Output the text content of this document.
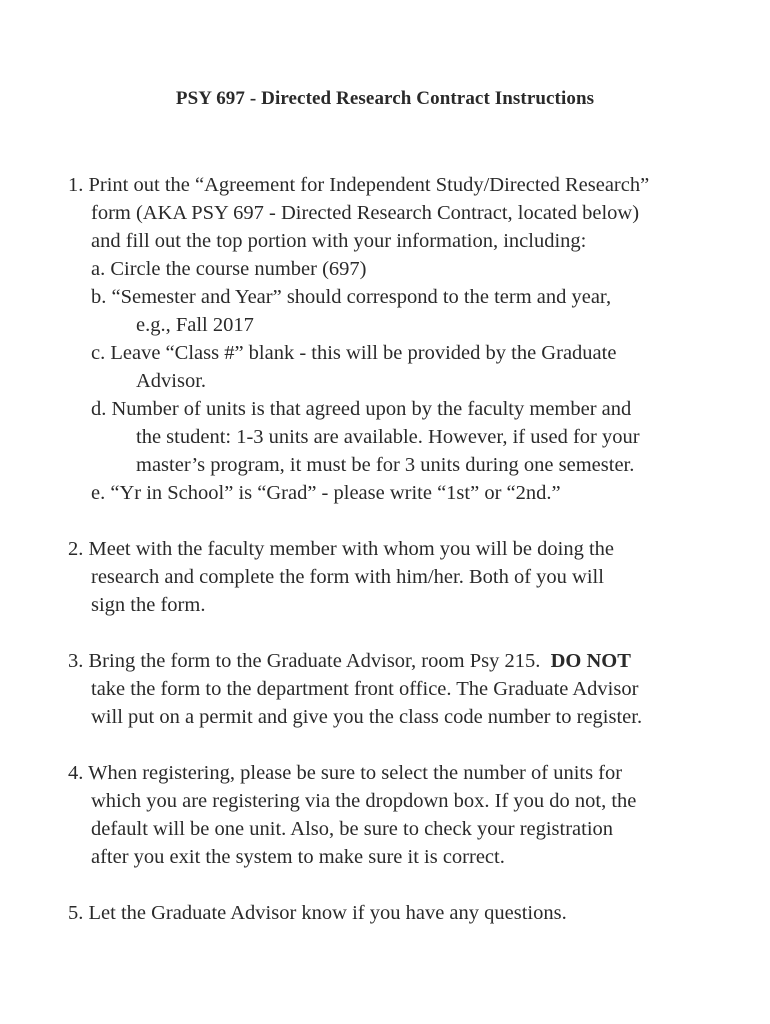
PSY 697 - Directed Research Contract Instructions
1. Print out the “Agreement for Independent Study/Directed Research”
form (AKA PSY 697 - Directed Research Contract, located below)
and fill out the top portion with your information, including:
a. Circle the course number (697)
b. “Semester and Year” should correspond to the term and year,
e.g., Fall 2017
c. Leave “Class #” blank - this will be provided by the Graduate
Advisor.
d. Number of units is that agreed upon by the faculty member and
the student: 1-3 units are available. However, if used for your
master’s program, it must be for 3 units during one semester.
e. “Yr in School” is “Grad” - please write “1st” or “2nd.”
2. Meet with the faculty member with whom you will be doing the
research and complete the form with him/her. Both of you will
sign the form.
3. Bring the form to the Graduate Advisor, room Psy 215.  DO NOT
take the form to the department front office. The Graduate Advisor
will put on a permit and give you the class code number to register.
4. When registering, please be sure to select the number of units for
which you are registering via the dropdown box. If you do not, the
default will be one unit. Also, be sure to check your registration
after you exit the system to make sure it is correct.
5. Let the Graduate Advisor know if you have any questions.
